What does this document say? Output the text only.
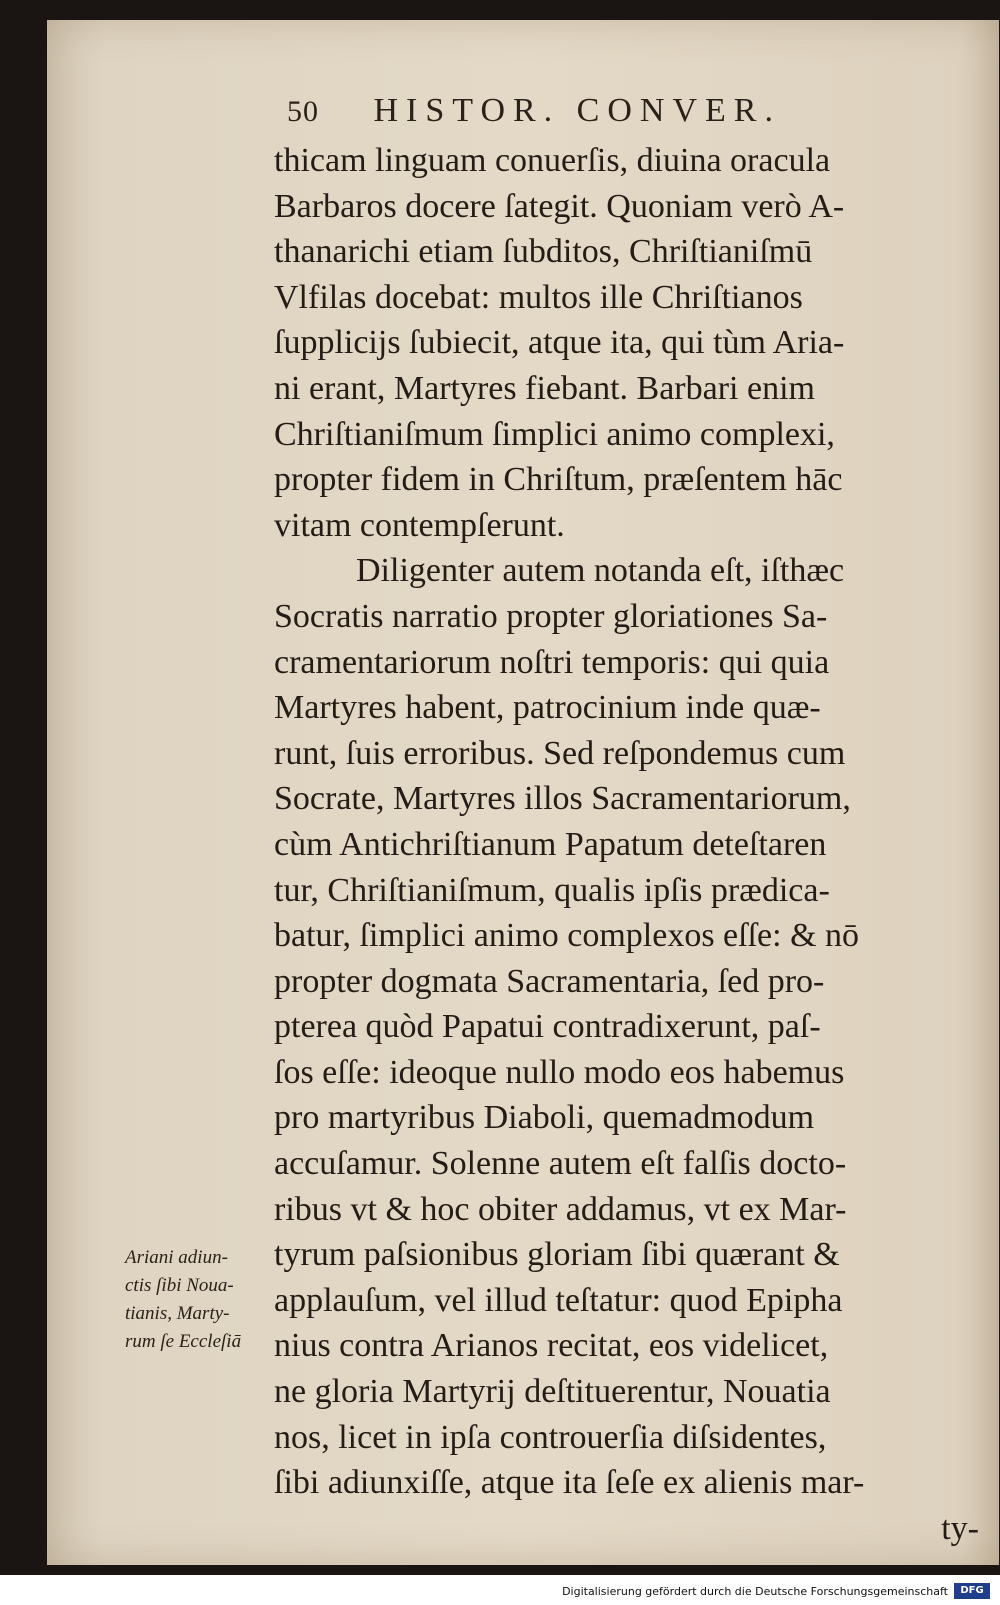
50 HISTOR. CONVER.
thicam linguam conuerſis, diuina oracula
Barbaros docere ſategit. Quoniam verò A-
thanarichi etiam ſubditos, Chriſtianiſmū
Vlfilas docebat: multos ille Chriſtianos
ſupplicijs ſubiecit, atque ita, qui tùm Aria-
ni erant, Martyres fiebant. Barbari enim
Chriſtianiſmum ſimplici animo complexi,
propter fidem in Chriſtum, præſentem hāc
vitam contempſerunt.
Diligenter autem notanda eſt, iſthæc
Socratis narratio propter gloriationes Sa-
cramentariorum noſtri temporis: qui quia
Martyres habent, patrocinium inde quæ-
runt, ſuis erroribus. Sed reſpondemus cum
Socrate, Martyres illos Sacramentariorum,
cùm Antichriſtianum Papatum deteſtaren
tur, Chriſtianiſmum, qualis ipſis prædica-
batur, ſimplici animo complexos eſſe: & nō
propter dogmata Sacramentaria, ſed pro-
pterea quòd Papatui contradixerunt, paſ-
ſos eſſe: ideoque nullo modo eos habemus
pro martyribus Diaboli, quemadmodum
accuſamur. Solenne autem eſt falſis docto-
ribus vt & hoc obiter addamus, vt ex Mar-
tyrum paſsionibus gloriam ſibi quærant &
applauſum, vel illud teſtatur: quod Epipha
nius contra Arianos recitat, eos videlicet,
ne gloria Martyrij deſtituerentur, Nouatia
nos, licet in ipſa controuerſia diſsidentes,
ſibi adiunxiſſe, atque ita ſeſe ex alienis mar-
ty-
Ariani adiun-
ctis ſibi Noua-
tianis, Marty-
rum ſe Eccleſiā
Digitalisierung gefördert durch die Deutsche Forschungsgemeinschaft	DFG
